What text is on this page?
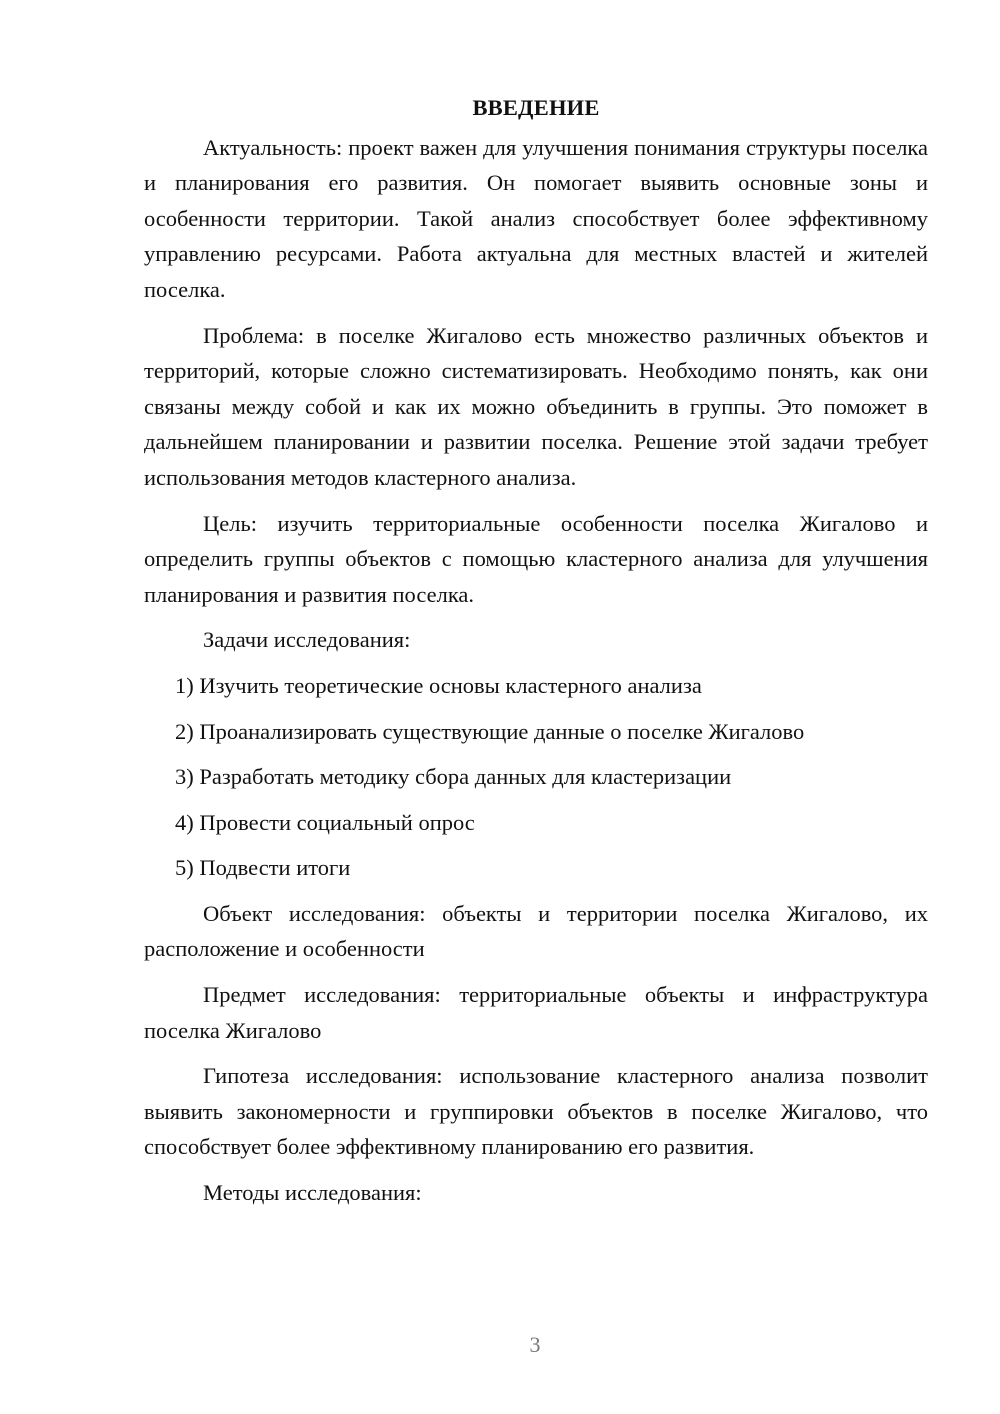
ВВЕДЕНИЕ

Актуальность: проект важен для улучшения понимания структуры поселка и планирования его развития. Он помогает выявить основные зоны и особенности территории. Такой анализ способствует более эффективному управлению ресурсами. Работа актуальна для местных властей и жителей поселка.

Проблема: в поселке Жигалово есть множество различных объектов и территорий, которые сложно систематизировать. Необходимо понять, как они связаны между собой и как их можно объединить в группы. Это поможет в дальнейшем планировании и развитии поселка. Решение этой задачи требует использования методов кластерного анализа.

Цель: изучить территориальные особенности поселка Жигалово и определить группы объектов с помощью кластерного анализа для улучшения планирования и развития поселка.

Задачи исследования:

1) Изучить теоретические основы кластерного анализа

2) Проанализировать существующие данные о поселке Жигалово

3) Разработать методику сбора данных для кластеризации

4) Провести социальный опрос

5) Подвести итоги

Объект исследования: объекты и территории поселка Жигалово, их расположение и особенности

Предмет исследования: территориальные объекты и инфраструктура поселка Жигалово

Гипотеза исследования: использование кластерного анализа позволит выявить закономерности и группировки объектов в поселке Жигалово, что способствует более эффективному планированию его развития.

Методы исследования:

3
